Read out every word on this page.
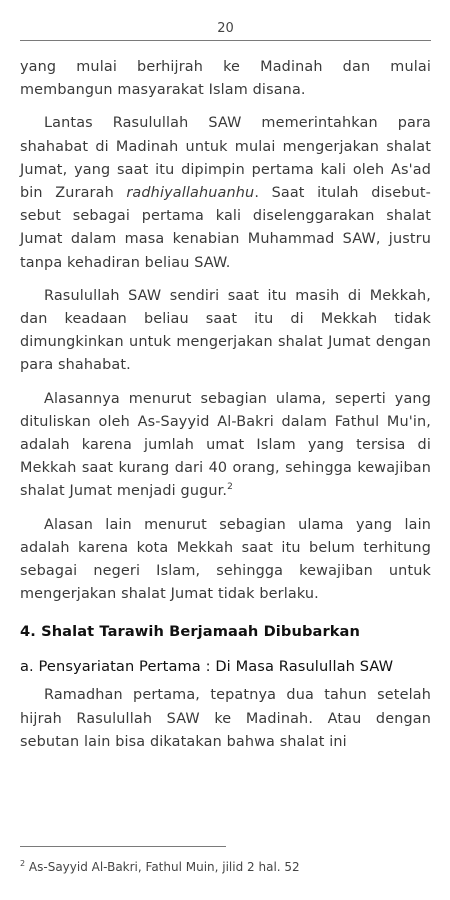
20

yang mulai berhijrah ke Madinah dan mulai membangun masyarakat Islam disana.

Lantas Rasulullah SAW memerintahkan para shahabat di Madinah untuk mulai mengerjakan shalat Jumat, yang saat itu dipimpin pertama kali oleh As'ad bin Zurarah radhiyallahuanhu. Saat itulah disebut-sebut sebagai pertama kali diselenggarakan shalat Jumat dalam masa kenabian Muhammad SAW, justru tanpa kehadiran beliau SAW.

Rasulullah SAW sendiri saat itu masih di Mekkah, dan keadaan beliau saat itu di Mekkah tidak dimungkinkan untuk mengerjakan shalat Jumat dengan para shahabat.

Alasannya menurut sebagian ulama, seperti yang dituliskan oleh As-Sayyid Al-Bakri dalam Fathul Mu'in, adalah karena jumlah umat Islam yang tersisa di Mekkah saat kurang dari 40 orang, sehingga kewajiban shalat Jumat menjadi gugur.$^2$

Alasan lain menurut sebagian ulama yang lain adalah karena kota Mekkah saat itu belum terhitung sebagai negeri Islam, sehingga kewajiban untuk mengerjakan shalat Jumat tidak berlaku.

4. Shalat Tarawih Berjamaah Dibubarkan
a. Pensyariatan Pertama : Di Masa Rasulullah SAW

Ramadhan pertama, tepatnya dua tahun setelah hijrah Rasulullah SAW ke Madinah. Atau dengan sebutan lain bisa dikatakan bahwa shalat ini

$^2$ As-Sayyid Al-Bakri, Fathul Muin, jilid 2 hal. 52
